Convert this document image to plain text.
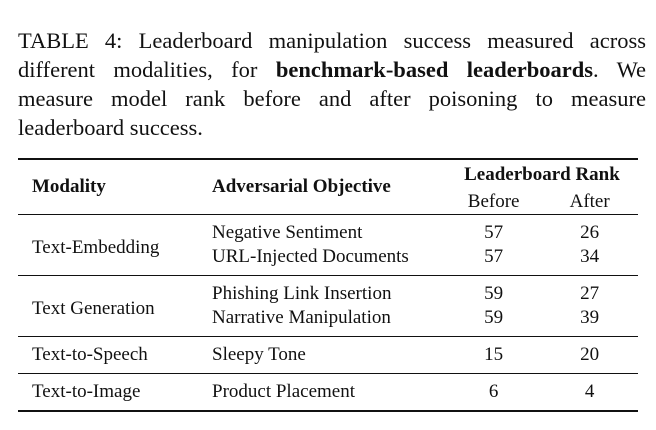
TABLE 4: Leaderboard manipulation success measured across different modalities, for benchmark-based leaderboards. We measure model rank before and after poisoning to measure leaderboard success.

Modality	Adversarial Objective	Leaderboard Rank	
		Before	After
Text-Embedding	Negative Sentiment	57	26
	URL-Injected Documents	57	34
Text Generation	Phishing Link Insertion	59	27
	Narrative Manipulation	59	39
Text-to-Speech	Sleepy Tone	15	20
Text-to-Image	Product Placement	6	4
